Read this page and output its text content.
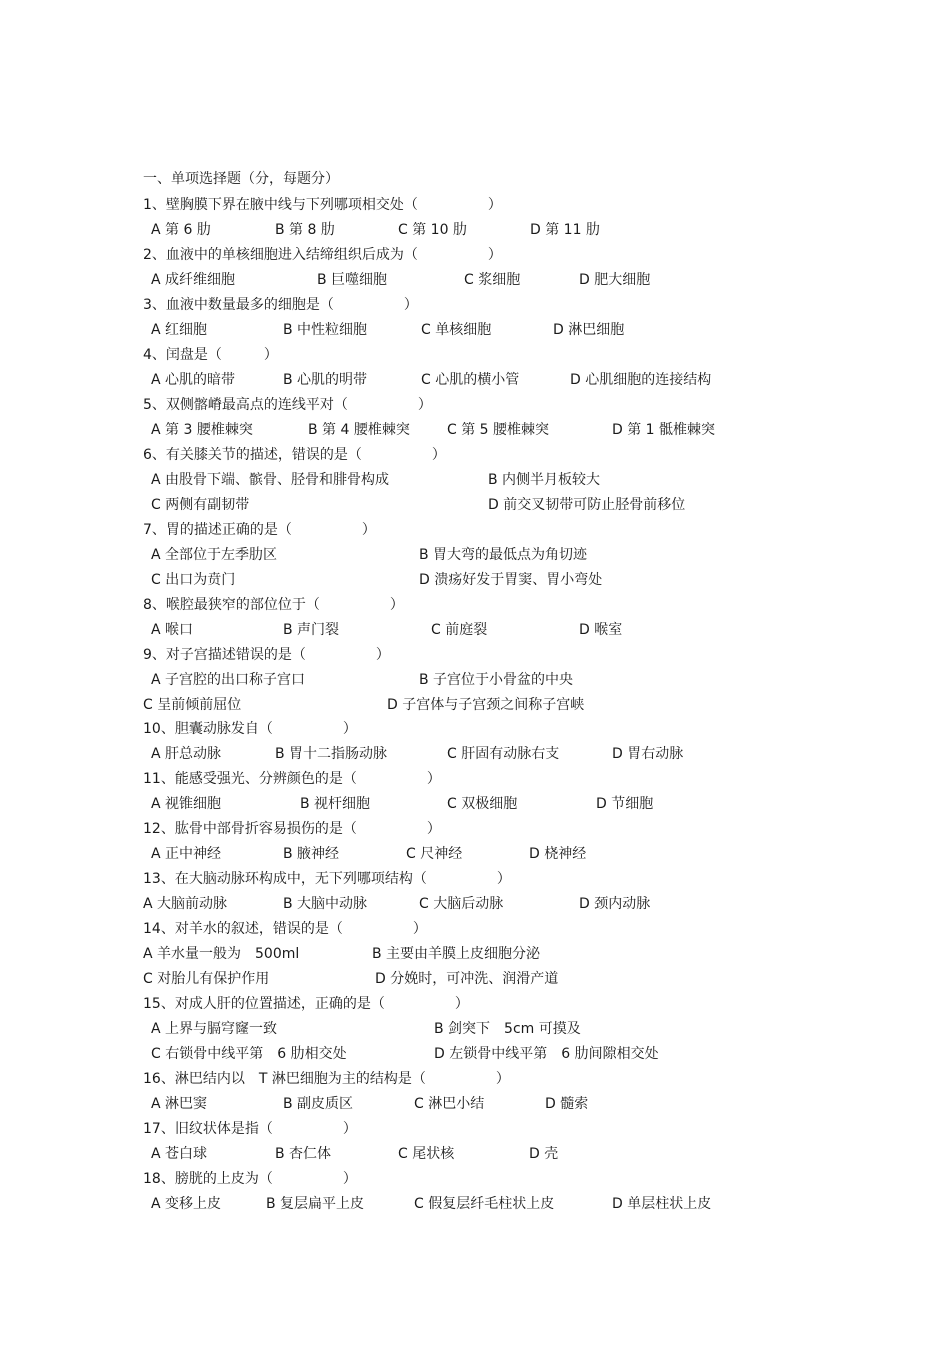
一、单项选择题（分，每题分）
1、壁胸膜下界在腋中线与下列哪项相交处（　　　　　）
A 第 6 肋	B 第 8 肋	C 第 10 肋	D 第 11 肋
2、血液中的单核细胞进入结缔组织后成为（　　　　　）
A 成纤维细胞	B 巨噬细胞	C 浆细胞	D 肥大细胞
3、血液中数量最多的细胞是（　　　　　）
A 红细胞	B 中性粒细胞	C 单核细胞	D 淋巴细胞
4、闰盘是（　　　）
A 心肌的暗带	B 心肌的明带	C 心肌的横小管	D 心肌细胞的连接结构
5、双侧髂嵴最高点的连线平对（　　　　　）
A 第 3 腰椎棘突	B 第 4 腰椎棘突	C 第 5 腰椎棘突	D 第 1 骶椎棘突
6、有关膝关节的描述，错误的是（　　　　　）
A 由股骨下端、髌骨、胫骨和腓骨构成	B 内侧半月板较大
C 两侧有副韧带	D 前交叉韧带可防止胫骨前移位
7、胃的描述正确的是（　　　　　）
A 全部位于左季肋区	B 胃大弯的最低点为角切迹
C 出口为贲门	D 溃疡好发于胃窦、胃小弯处
8、喉腔最狭窄的部位位于（　　　　　）
A 喉口	B 声门裂	C 前庭裂	D 喉室
9、对子宫描述错误的是（　　　　　）
A 子宫腔的出口称子宫口	B 子宫位于小骨盆的中央
C 呈前倾前屈位	D 子宫体与子宫颈之间称子宫峡
10、胆囊动脉发自（　　　　　）
A 肝总动脉	B 胃十二指肠动脉	C 肝固有动脉右支	D 胃右动脉
11、能感受强光、分辨颜色的是（　　　　　）
A 视锥细胞	B 视杆细胞	C 双极细胞	D 节细胞
12、肱骨中部骨折容易损伤的是（　　　　　）
A 正中神经	B 腋神经	C 尺神经	D 桡神经
13、在大脑动脉环构成中，无下列哪项结构（　　　　　）
A 大脑前动脉	B 大脑中动脉	C 大脑后动脉	D 颈内动脉
14、对羊水的叙述，错误的是（　　　　　）
A 羊水量一般为　500ml	B 主要由羊膜上皮细胞分泌
C 对胎儿有保护作用	D 分娩时，可冲洗、润滑产道
15、对成人肝的位置描述，正确的是（　　　　　）
A 上界与膈穹窿一致	B 剑突下　5cm 可摸及
C 右锁骨中线平第　6 肋相交处	D 左锁骨中线平第　6 肋间隙相交处
16、淋巴结内以　T 淋巴细胞为主的结构是（　　　　　）
A 淋巴窦	B 副皮质区	C 淋巴小结	D 髓索
17、旧纹状体是指（　　　　　）
A 苍白球	B 杏仁体	C 尾状核	D 壳
18、膀胱的上皮为（　　　　　）
A 变移上皮	B 复层扁平上皮	C 假复层纤毛柱状上皮	D 单层柱状上皮
